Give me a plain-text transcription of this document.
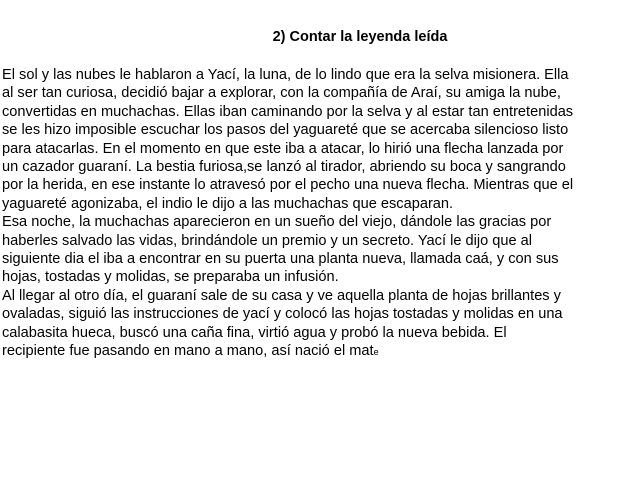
2) Contar la leyenda leída
El sol y las nubes le hablaron a Yací, la luna, de lo lindo que era la selva misionera. Ella
al ser tan curiosa, decidió bajar a explorar, con la compañía de Araí, su amiga la nube,
convertidas en muchachas. Ellas iban caminando por la selva y al estar tan entretenidas
se les hizo imposible escuchar los pasos del yaguareté que se acercaba silencioso listo
para atacarlas. En el momento en que este iba a atacar, lo hirió una flecha lanzada por
un cazador guaraní. La bestia furiosa,se lanzó al tirador, abriendo su boca y sangrando
por la herida, en ese instante lo atravesó por el pecho una nueva flecha. Mientras que el
yaguareté agonizaba, el indio le dijo a las muchachas que escaparan.
Esa noche, la muchachas aparecieron en un sueño del viejo, dándole las gracias por
haberles salvado las vidas, brindándole un premio y un secreto. Yací le dijo que al
siguiente dia el iba a encontrar en su puerta una planta nueva, llamada caá, y con sus
hojas, tostadas y molidas, se preparaba un infusión.
Al llegar al otro día, el guaraní sale de su casa y ve aquella planta de hojas brillantes y
ovaladas, siguió las instrucciones de yací y colocó las hojas tostadas y molidas en una
calabasita hueca, buscó una caña fina, virtió agua y probó la nueva bebida. El
recipiente fue pasando en mano a mano, así nació el mate
